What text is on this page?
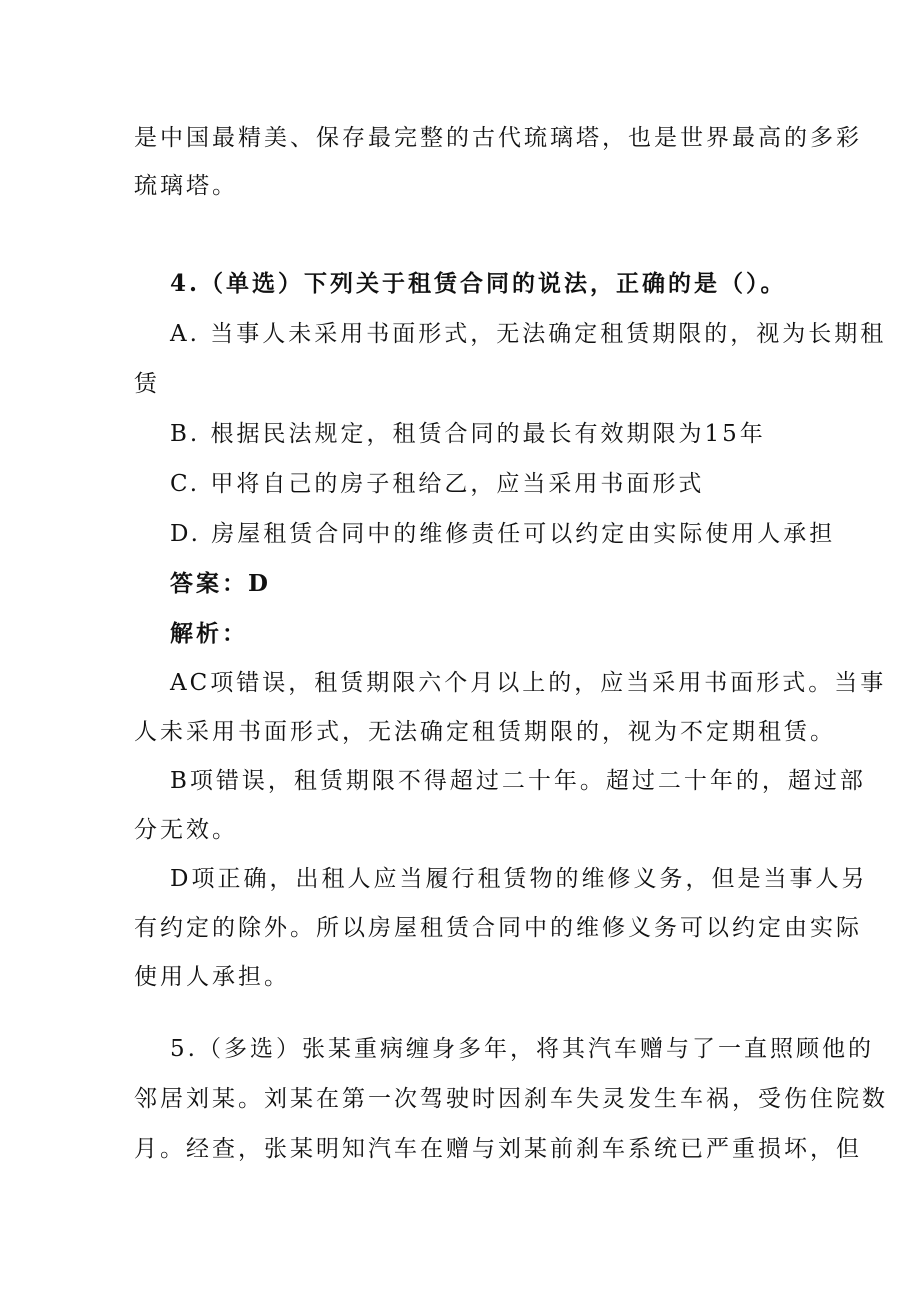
是中国最精美、保存最完整的古代琉璃塔，也是世界最高的多彩
琉璃塔。
4.（单选）下列关于租赁合同的说法，正确的是（）。
A. 当事人未采用书面形式，无法确定租赁期限的，视为长期租
赁
B. 根据民法规定，租赁合同的最长有效期限为15年
C. 甲将自己的房子租给乙，应当采用书面形式
D. 房屋租赁合同中的维修责任可以约定由实际使用人承担
答案：D
解析：
AC项错误，租赁期限六个月以上的，应当采用书面形式。当事
人未采用书面形式，无法确定租赁期限的，视为不定期租赁。
B项错误，租赁期限不得超过二十年。超过二十年的，超过部
分无效。
D项正确，出租人应当履行租赁物的维修义务，但是当事人另
有约定的除外。所以房屋租赁合同中的维修义务可以约定由实际
使用人承担。
5.（多选）张某重病缠身多年，将其汽车赠与了一直照顾他的
邻居刘某。刘某在第一次驾驶时因刹车失灵发生车祸，受伤住院数
月。经查，张某明知汽车在赠与刘某前刹车系统已严重损坏，但
